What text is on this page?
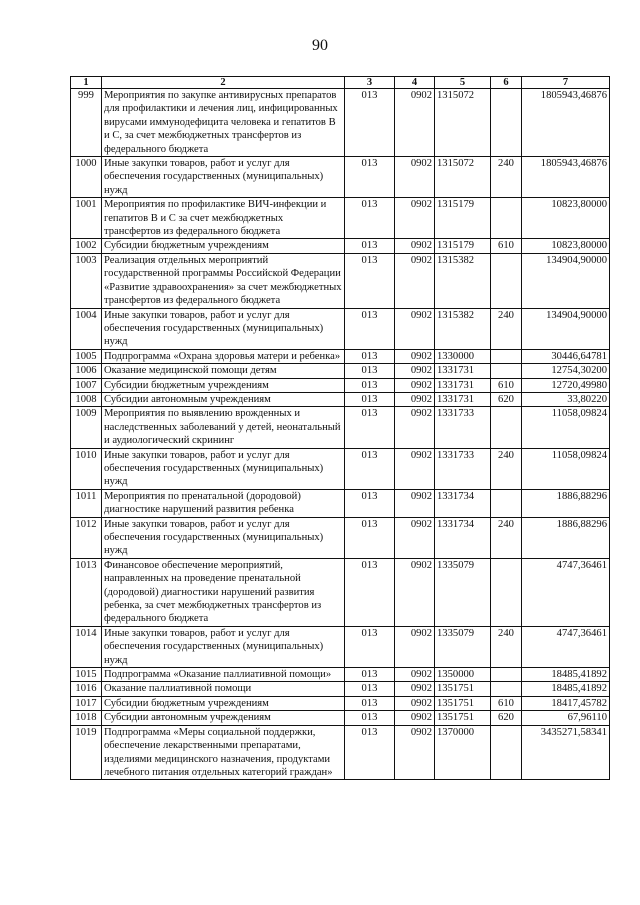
90
1	2	3	4	5	6	7
999	Мероприятия по закупке антивирусных препаратов для профилактики и лечения лиц, инфицированных вирусами иммунодефицита человека и гепатитов В и С, за счет межбюджетных трансфертов из федерального бюджета	013	0902	1315072		1805943,46876
1000	Иные закупки товаров, работ и услуг для обеспечения государственных (муниципальных) нужд	013	0902	1315072	240	1805943,46876
1001	Мероприятия по профилактике ВИЧ-инфекции и гепатитов В и С за счет межбюджетных трансфертов из федерального бюджета	013	0902	1315179		10823,80000
1002	Субсидии бюджетным учреждениям	013	0902	1315179	610	10823,80000
1003	Реализация отдельных мероприятий государственной программы Российской Федерации «Развитие здравоохранения» за счет межбюджетных трансфертов из федерального бюджета	013	0902	1315382		134904,90000
1004	Иные закупки товаров, работ и услуг для обеспечения государственных (муниципальных) нужд	013	0902	1315382	240	134904,90000
1005	Подпрограмма «Охрана здоровья матери и ребенка»	013	0902	1330000		30446,64781
1006	Оказание медицинской помощи детям	013	0902	1331731		12754,30200
1007	Субсидии бюджетным учреждениям	013	0902	1331731	610	12720,49980
1008	Субсидии автономным учреждениям	013	0902	1331731	620	33,80220
1009	Мероприятия по выявлению врожденных и наследственных заболеваний у детей, неонатальный и аудиологический скрининг	013	0902	1331733		11058,09824
1010	Иные закупки товаров, работ и услуг для обеспечения государственных (муниципальных) нужд	013	0902	1331733	240	11058,09824
1011	Мероприятия по пренатальной (дородовой) диагностике нарушений развития ребенка	013	0902	1331734		1886,88296
1012	Иные закупки товаров, работ и услуг для обеспечения государственных (муниципальных) нужд	013	0902	1331734	240	1886,88296
1013	Финансовое обеспечение мероприятий, направленных на проведение пренатальной (дородовой) диагностики нарушений развития ребенка, за счет межбюджетных трансфертов из федерального бюджета	013	0902	1335079		4747,36461
1014	Иные закупки товаров, работ и услуг для обеспечения государственных (муниципальных) нужд	013	0902	1335079	240	4747,36461
1015	Подпрограмма «Оказание паллиативной помощи»	013	0902	1350000		18485,41892
1016	Оказание паллиативной помощи	013	0902	1351751		18485,41892
1017	Субсидии бюджетным учреждениям	013	0902	1351751	610	18417,45782
1018	Субсидии автономным учреждениям	013	0902	1351751	620	67,96110
1019	Подпрограмма «Меры социальной поддержки, обеспечение лекарственными препаратами, изделиями медицинского назначения, продуктами лечебного питания отдельных категорий граждан»	013	0902	1370000		3435271,58341
